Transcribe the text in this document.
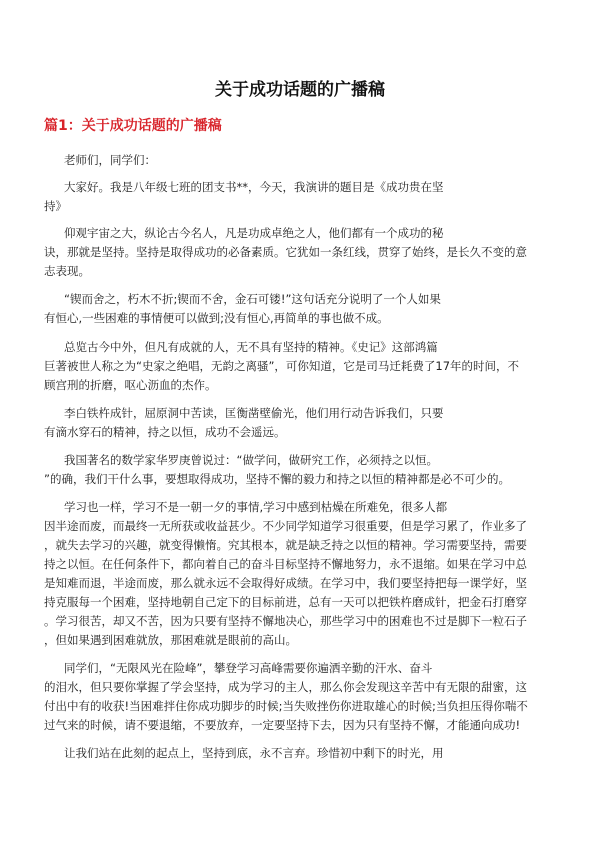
关于成功话题的广播稿
篇1：关于成功话题的广播稿
老师们，同学们：
大家好。我是八年级七班的团支书**，今天，我演讲的题目是《成功贵在坚
持》
仰观宇宙之大，纵论古今名人，凡是功成卓绝之人，他们都有一个成功的秘
诀，那就是坚持。坚持是取得成功的必备素质。它犹如一条红线，贯穿了始终，是长久不变的意
志表现。
“锲而舍之，朽木不折;锲而不舍，金石可镂!”这句话充分说明了一个人如果
有恒心,一些困难的事情便可以做到;没有恒心,再简单的事也做不成。
总览古今中外，但凡有成就的人，无不具有坚持的精神。《史记》这部鸿篇
巨著被世人称之为“史家之绝唱，无韵之离骚”，可你知道，它是司马迁耗费了17年的时间，不
顾宫刑的折磨，呕心沥血的杰作。
李白铁杵成针，屈原洞中苦读，匡衡凿壁偷光，他们用行动告诉我们，只要
有滴水穿石的精神，持之以恒，成功不会遥远。
我国著名的数学家华罗庚曾说过：“做学问，做研究工作，必须持之以恒。
”的确，我们干什么事，要想取得成功，坚持不懈的毅力和持之以恒的精神都是必不可少的。
学习也一样，学习不是一朝一夕的事情,学习中感到枯燥在所难免，很多人都
因半途而废，而最终一无所获或收益甚少。不少同学知道学习很重要，但是学习累了，作业多了
，就失去学习的兴趣，就变得懒惰。究其根本，就是缺乏持之以恒的精神。学习需要坚持，需要
持之以恒。在任何条件下，都向着自己的奋斗目标坚持不懈地努力，永不退缩。如果在学习中总
是知难而退，半途而废，那么就永远不会取得好成绩。在学习中，我们要坚持把每一课学好，坚
持克服每一个困难，坚持地朝自己定下的目标前进，总有一天可以把铁杵磨成针，把金石打磨穿
。学习很苦，却又不苦，因为只要有坚持不懈地决心，那些学习中的困难也不过是脚下一粒石子
，但如果遇到困难就放，那困难就是眼前的高山。
同学们，“无限风光在险峰”，攀登学习高峰需要你遍洒辛勤的汗水、奋斗
的泪水，但只要你掌握了学会坚持，成为学习的主人，那么你会发现这辛苦中有无限的甜蜜，这
付出中有的收获!当困难拌住你成功脚步的时候;当失败挫伤你进取雄心的时候;当负担压得你喘不
过气来的时候，请不要退缩，不要放弃，一定要坚持下去，因为只有坚持不懈，才能通向成功!
让我们站在此刻的起点上，坚持到底，永不言弃。珍惜初中剩下的时光，用
